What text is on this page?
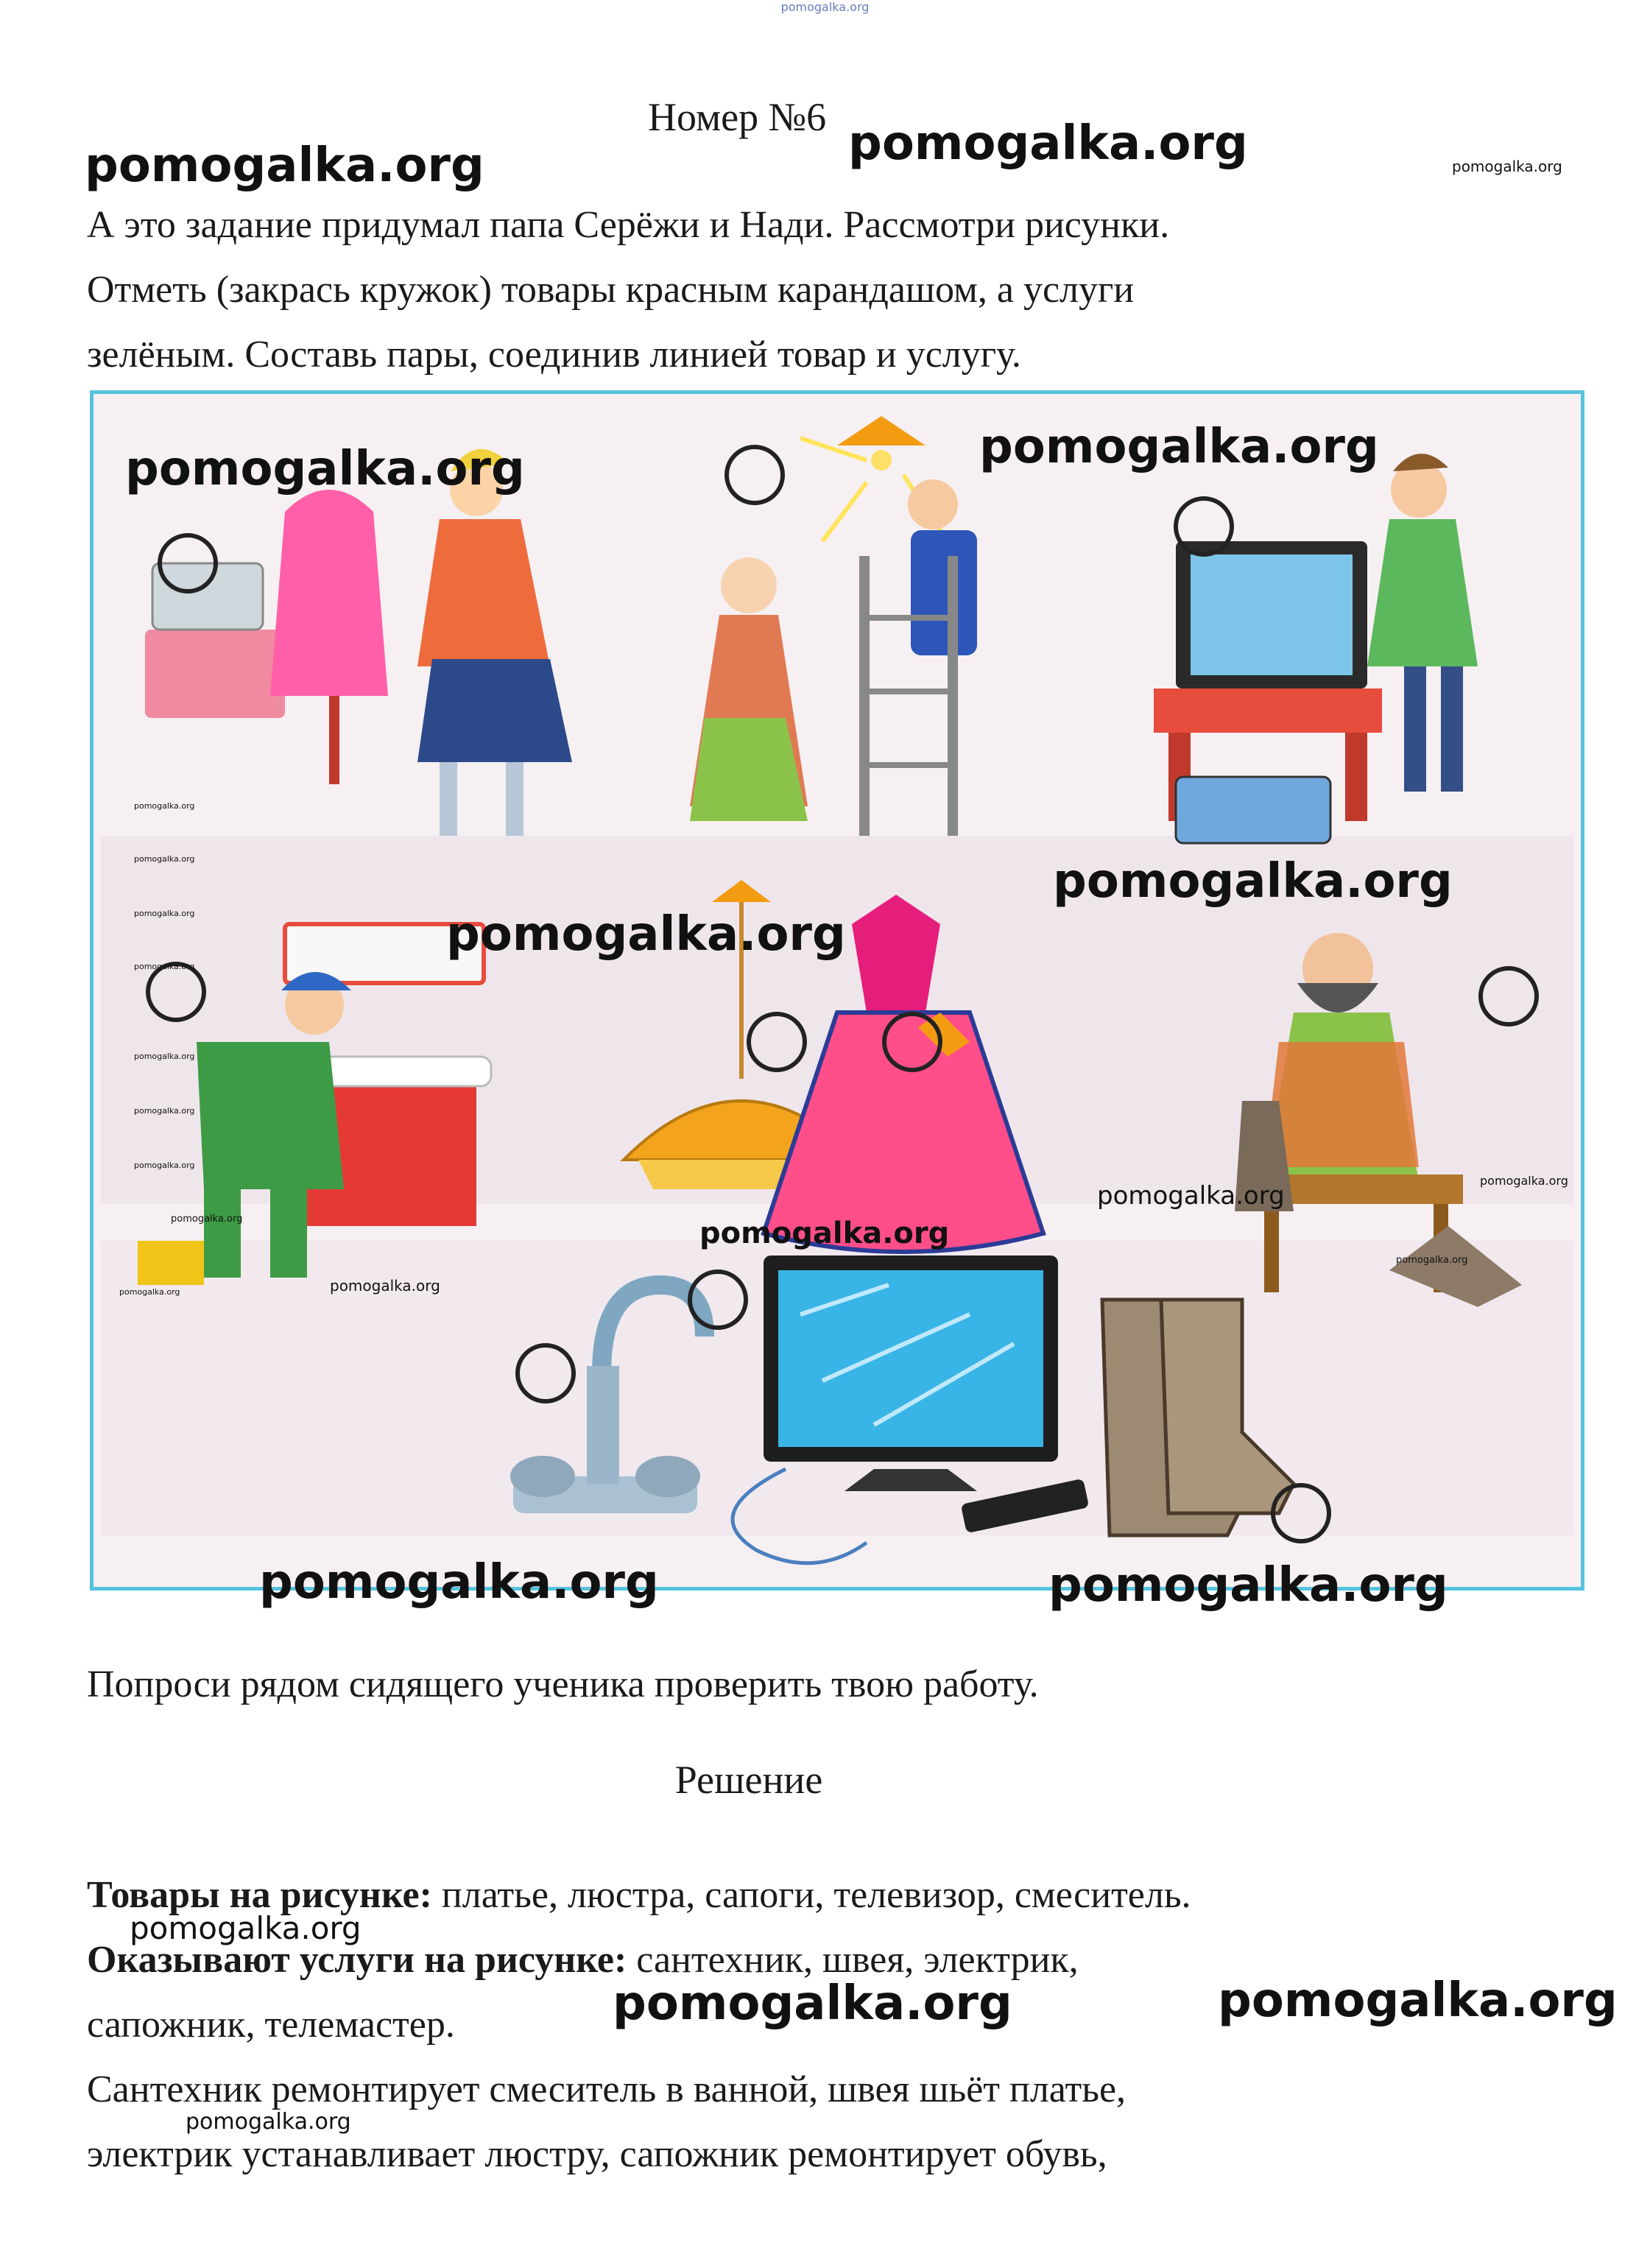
pomogalka.org
Номер №6
pomogalka.org	pomogalka.org	pomogalka.org
А это задание придумал папа Серёжи и Нади. Рассмотри рисунки.
Отметь (закрась кружок) товары красным карандашом, а услуги
зелёным. Составь пары, соединив линией товар и услугу.
pomogalka.org	pomogalka.org
pomogalka.org
pomogalka.org
pomogalka.org
pomogalka.org
pomogalka.org
pomogalka.org
pomogalka.org
pomogalka.org
pomogalka.org
pomogalka.org
pomogalka.org
pomogalka.org
pomogalka.org
pomogalka.org
pomogalka.org
pomogalka.org
pomogalka.org	pomogalka.org
Попроси рядом сидящего ученика проверить твою работу.
Решение
Товары на рисунке: платье, люстра, сапоги, телевизор, смеситель.
Оказывают услуги на рисунке: сантехник, швея, электрик,
сапожник, телемастер.
Сантехник ремонтирует смеситель в ванной, швея шьёт платье,
электрик устанавливает люстру, сапожник ремонтирует обувь,
pomogalka.org
pomogalka.org	pomogalka.org
pomogalka.org
